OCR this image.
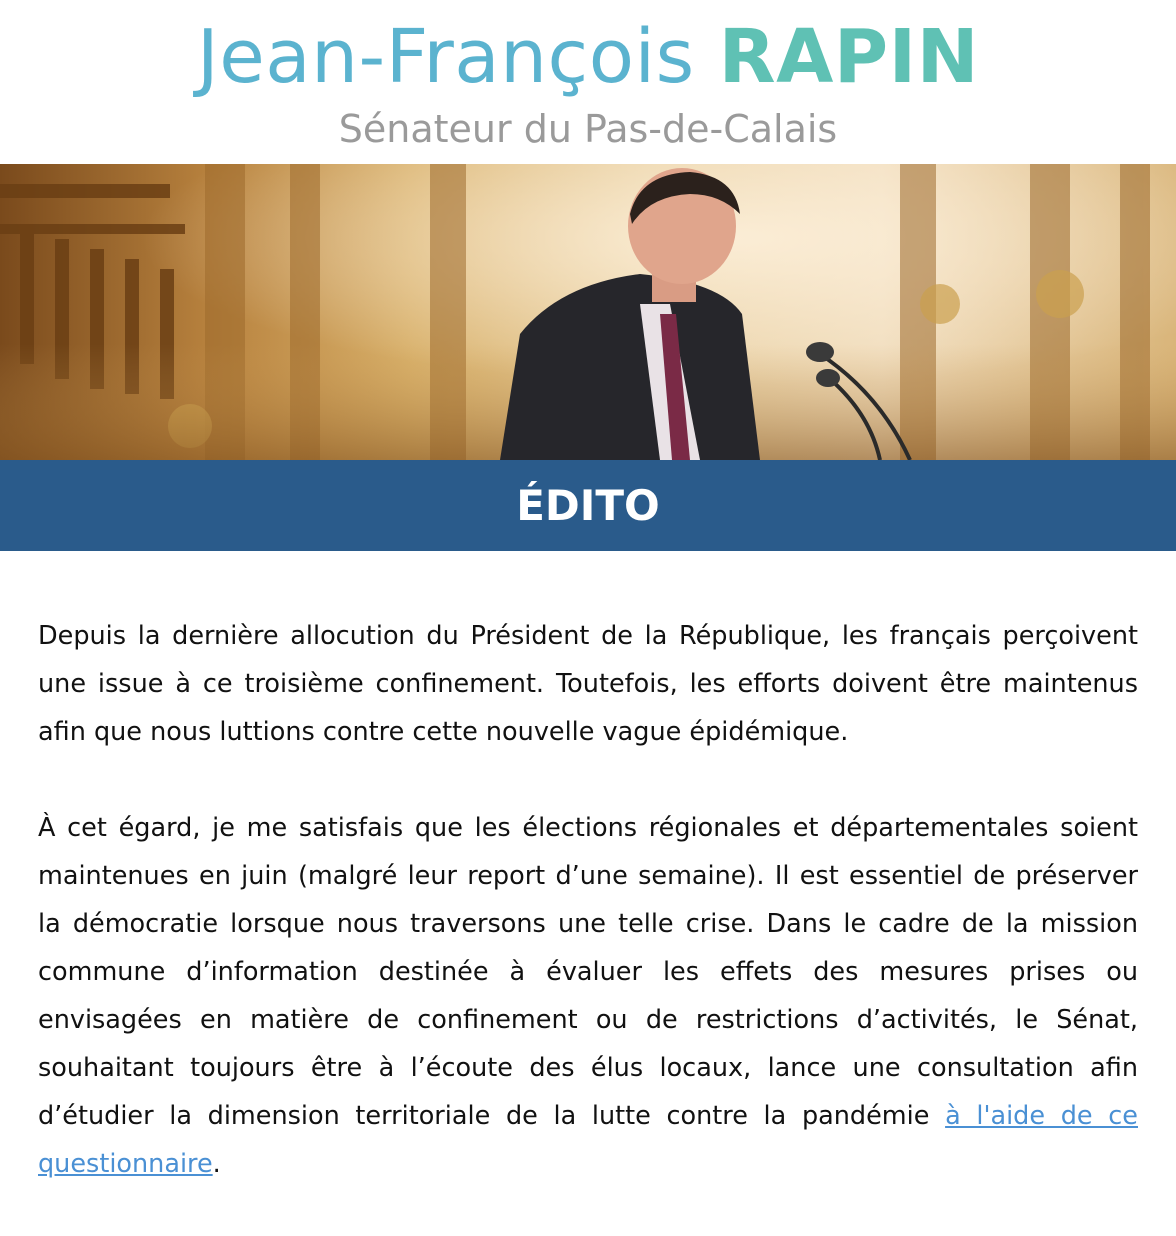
Jean-François RAPIN
Sénateur du Pas-de-Calais
ÉDITO

Depuis la dernière allocution du Président de la République, les français perçoivent une issue à ce troisième confinement. Toutefois, les efforts doivent être maintenus afin que nous luttions contre cette nouvelle vague épidémique.

À cet égard, je me satisfais que les élections régionales et départementales soient maintenues en juin (malgré leur report d’une semaine). Il est essentiel de préserver la démocratie lorsque nous traversons une telle crise. Dans le cadre de la mission commune d’information destinée à évaluer les effets des mesures prises ou envisagées en matière de confinement ou de restrictions d’activités, le Sénat, souhaitant toujours être à l’écoute des élus locaux, lance une consultation afin d’étudier la dimension territoriale de la lutte contre la pandémie à l'aide de ce questionnaire.
